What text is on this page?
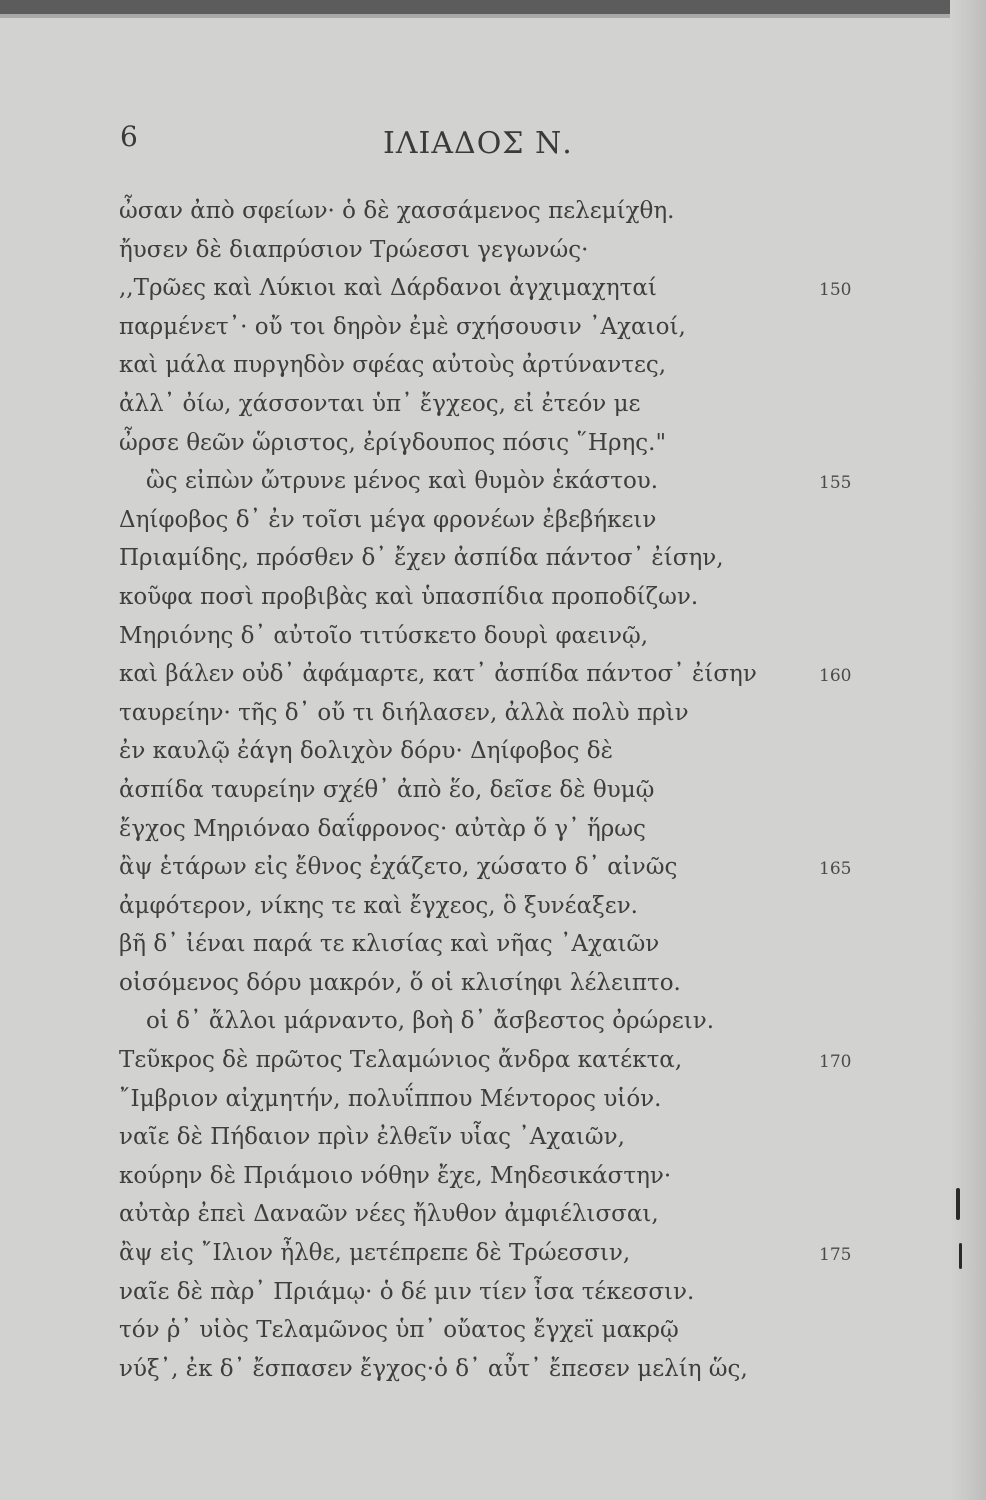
6	ΙΛΙΑΔΟΣ Ν.
ὦσαν ἀπὸ σφείων· ὁ δὲ χασσάμενος πελεμίχθη.
ἤυσεν δὲ διαπρύσιον Τρώεσσι γεγωνώς·
,,Τρῶες καὶ Λύκιοι καὶ Δάρδανοι ἀγχιμαχηταί	150
παρμένετ᾽· οὔ τοι δηρὸν ἐμὲ σχήσουσιν ᾽Αχαιοί,
καὶ μάλα πυργηδὸν σφέας αὐτοὺς ἀρτύναντες,
ἀλλ᾽ ὀίω, χάσσονται ὑπ᾽ ἔγχεος, εἰ ἐτεόν με
ὦρσε θεῶν ὥριστος, ἐρίγδουπος πόσις ῞Ηρης."
ὣς εἰπὼν ὤτρυνε μένος καὶ θυμὸν ἑκάστου.	155
Δηίφοβος δ᾽ ἐν τοῖσι μέγα φρονέων ἐβεβήκειν
Πριαμίδης, πρόσθεν δ᾽ ἔχεν ἀσπίδα πάντοσ᾽ ἐίσην,
κοῦφα ποσὶ προβιβὰς καὶ ὑπασπίδια προποδίζων.
Μηριόνης δ᾽ αὐτοῖο τιτύσκετο δουρὶ φαεινῷ,
καὶ βάλεν οὐδ᾽ ἀφάμαρτε, κατ᾽ ἀσπίδα πάντοσ᾽ ἐίσην	160
ταυρείην· τῆς δ᾽ οὔ τι διήλασεν, ἀλλὰ πολὺ πρὶν
ἐν καυλῷ ἐάγη δολιχὸν δόρυ· Δηίφοβος δὲ
ἀσπίδα ταυρείην σχέθ᾽ ἀπὸ ἕο, δεῖσε δὲ θυμῷ
ἔγχος Μηριόναο δαΐφρονος· αὐτὰρ ὅ γ᾽ ἥρως
ἂψ ἑτάρων εἰς ἔθνος ἐχάζετο, χώσατο δ᾽ αἰνῶς	165
ἀμφότερον, νίκης τε καὶ ἔγχεος, ὃ ξυνέαξεν.
βῆ δ᾽ ἰέναι παρά τε κλισίας καὶ νῆας ᾽Αχαιῶν
οἰσόμενος δόρυ μακρόν, ὅ οἱ κλισίηφι λέλειπτο.
οἱ δ᾽ ἄλλοι μάρναντο, βοὴ δ᾽ ἄσβεστος ὀρώρειν.
Τεῦκρος δὲ πρῶτος Τελαμώνιος ἄνδρα κατέκτα,	170
῎Ιμβριον αἰχμητήν, πολυΐππου Μέντορος υἱόν.
ναῖε δὲ Πήδαιον πρὶν ἐλθεῖν υἷας ᾽Αχαιῶν,
κούρην δὲ Πριάμοιο νόθην ἔχε, Μηδεσικάστην·
αὐτὰρ ἐπεὶ Δαναῶν νέες ἤλυθον ἀμφιέλισσαι,
ἂψ εἰς ῎Ιλιον ἦλθε, μετέπρεπε δὲ Τρώεσσιν,	175
ναῖε δὲ πὰρ᾽ Πριάμῳ· ὁ δέ μιν τίεν ἶσα τέκεσσιν.
τόν ῥ᾽ υἱὸς Τελαμῶνος ὑπ᾽ οὔατος ἔγχεϊ μακρῷ
νύξ᾽, ἐκ δ᾽ ἔσπασεν ἔγχος·ὁ δ᾽ αὖτ᾽ ἔπεσεν μελίη ὥς,
